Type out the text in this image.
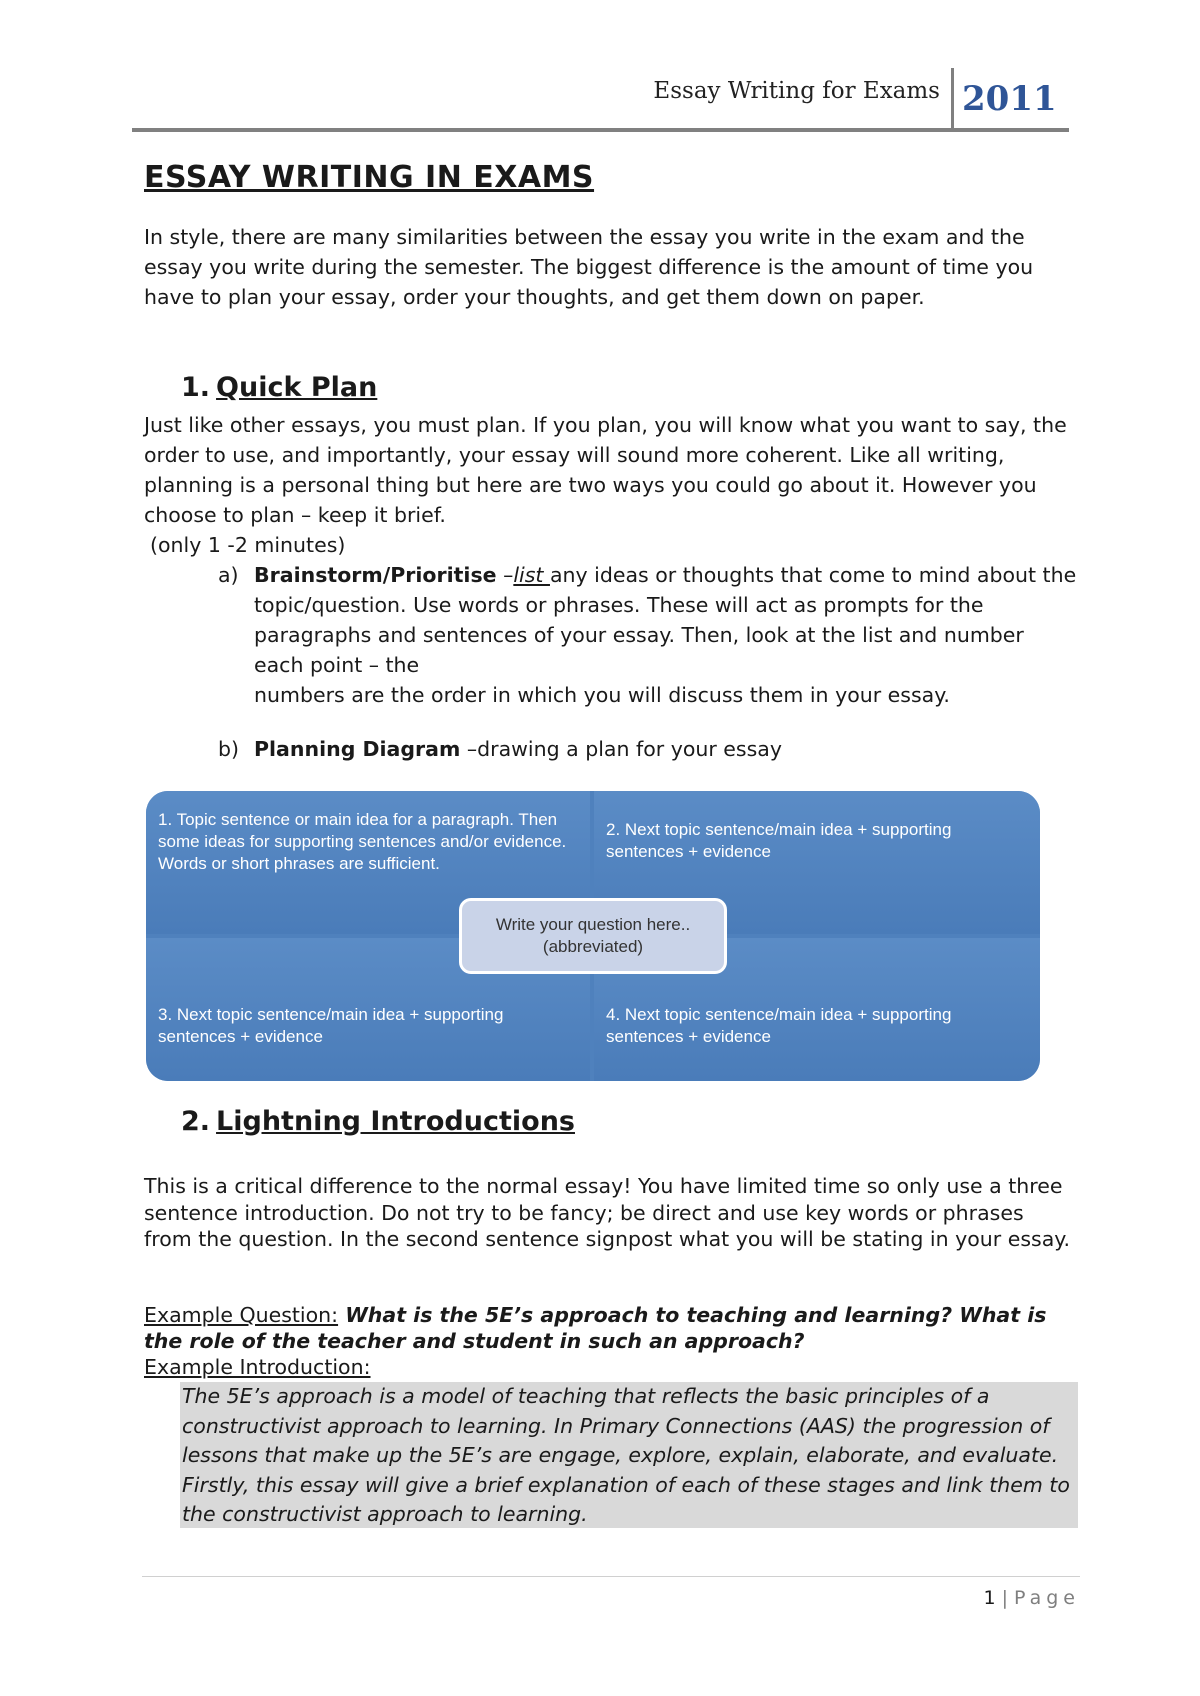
Essay Writing for Exams 2011
ESSAY WRITING IN EXAMS
In style, there are many similarities between the essay you write in the exam and the essay you write during the semester. The biggest difference is the amount of time you have to plan your essay, order your thoughts, and get them down on paper.
1. Quick Plan
Just like other essays, you must plan. If you plan, you will know what you want to say, the order to use, and importantly, your essay will sound more coherent. Like all writing, planning is a personal thing but here are two ways you could go about it. However you choose to plan – keep it brief.
(only 1 -2 minutes)
a) Brainstorm/Prioritise –list any ideas or thoughts that come to mind about the topic/question. Use words or phrases. These will act as prompts for the paragraphs and sentences of your essay. Then, look at the list and number each point – the
numbers are the order in which you will discuss them in your essay.
b) Planning Diagram –drawing a plan for your essay
1. Topic sentence or main idea for a paragraph. Then some ideas for supporting sentences and/or evidence. Words or short phrases are sufficient.
2. Next topic sentence/main idea + supporting sentences + evidence
3. Next topic sentence/main idea + supporting sentences + evidence
4. Next topic sentence/main idea + supporting sentences + evidence
Write your question here..
(abbreviated)
2. Lightning Introductions
This is a critical difference to the normal essay! You have limited time so only use a three sentence introduction. Do not try to be fancy; be direct and use key words or phrases from the question. In the second sentence signpost what you will be stating in your essay.
Example Question: What is the 5E’s approach to teaching and learning? What is the role of the teacher and student in such an approach?
Example Introduction:
The 5E’s approach is a model of teaching that reflects the basic principles of a constructivist approach to learning. In Primary Connections (AAS) the progression of lessons that make up the 5E’s are engage, explore, explain, elaborate, and evaluate. Firstly, this essay will give a brief explanation of each of these stages and link them to the constructivist approach to learning.
1 | Page
